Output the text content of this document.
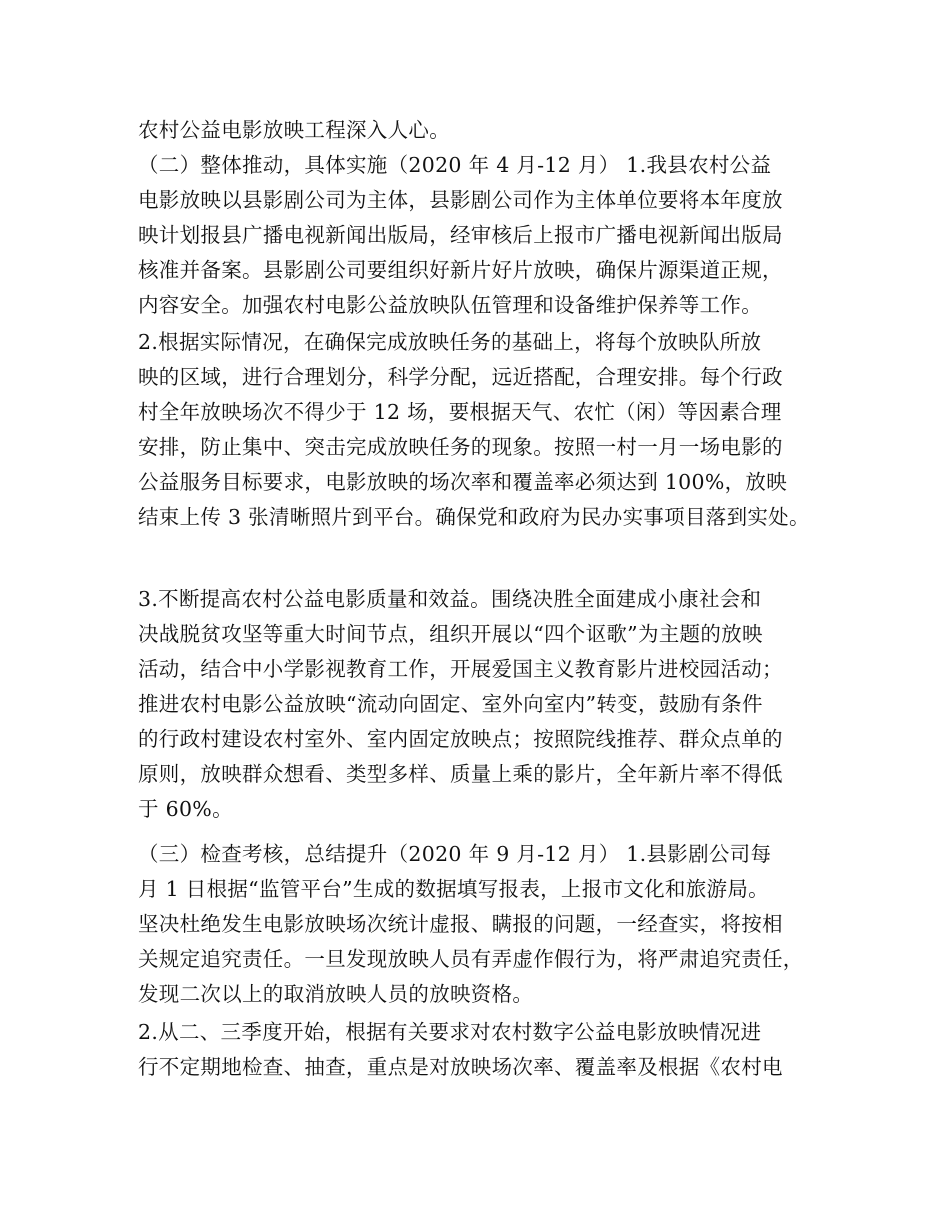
农村公益电影放映工程深入人心。
（二）整体推动，具体实施（2020 年 4 月-12 月） 1.我县农村公益
电影放映以县影剧公司为主体，县影剧公司作为主体单位要将本年度放
映计划报县广播电视新闻出版局，经审核后上报市广播电视新闻出版局
核准并备案。县影剧公司要组织好新片好片放映，确保片源渠道正规，
内容安全。加强农村电影公益放映队伍管理和设备维护保养等工作。
2.根据实际情况，在确保完成放映任务的基础上，将每个放映队所放
映的区域，进行合理划分，科学分配，远近搭配，合理安排。每个行政
村全年放映场次不得少于 12 场，要根据天气、农忙（闲）等因素合理
安排，防止集中、突击完成放映任务的现象。按照一村一月一场电影的
公益服务目标要求，电影放映的场次率和覆盖率必须达到 100%，放映
结束上传 3 张清晰照片到平台。确保党和政府为民办实事项目落到实处。
3.不断提高农村公益电影质量和效益。围绕决胜全面建成小康社会和
决战脱贫攻坚等重大时间节点，组织开展以“四个讴歌”为主题的放映
活动，结合中小学影视教育工作，开展爱国主义教育影片进校园活动；
推进农村电影公益放映“流动向固定、室外向室内”转变，鼓励有条件
的行政村建设农村室外、室内固定放映点；按照院线推荐、群众点单的
原则，放映群众想看、类型多样、质量上乘的影片，全年新片率不得低
于 60%。
（三）检查考核，总结提升（2020 年 9 月-12 月） 1.县影剧公司每
月 1 日根据“监管平台”生成的数据填写报表，上报市文化和旅游局。
坚决杜绝发生电影放映场次统计虚报、瞒报的问题，一经查实，将按相
关规定追究责任。一旦发现放映人员有弄虚作假行为，将严肃追究责任，
发现二次以上的取消放映人员的放映资格。
2.从二、三季度开始，根据有关要求对农村数字公益电影放映情况进
行不定期地检查、抽查，重点是对放映场次率、覆盖率及根据《农村电
